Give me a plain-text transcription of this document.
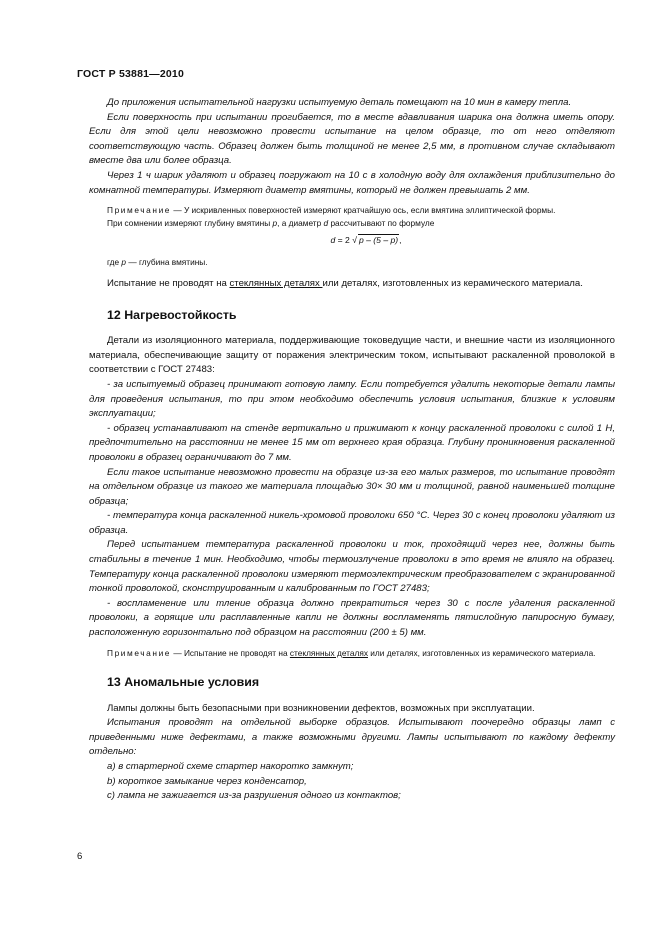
ГОСТ Р 53881—2010

До приложения испытательной нагрузки испытуемую деталь помещают на 10 мин в камеру тепла.

Если поверхность при испытании прогибается, то в месте вдавливания шарика она должна иметь опору. Если для этой цели невозможно провести испытание на целом образце, то от него отделяют соответствующую часть. Образец должен быть толщиной не менее 2,5 мм, в противном случае складывают вместе два или более образца.

Через 1 ч шарик удаляют и образец погружают на 10 с в холодную воду для охлаждения приблизительно до комнатной температуры. Измеряют диаметр вмятины, который не должен превышать 2 мм.

Примечание — У искривленных поверхностей измеряют кратчайшую ось, если вмятина эллиптической формы.

При сомнении измеряют глубину вмятины p, а диаметр d рассчитывают по формуле

d = 2 √ p – (5 – p),

где p — глубина вмятины.

Испытание не проводят на стеклянных деталях или деталях, изготовленных из керамического материала.

12 Нагревостойкость

Детали из изоляционного материала, поддерживающие токоведущие части, и внешние части из изоляционного материала, обеспечивающие защиту от поражения электрическим током, испытывают раскаленной проволокой в соответствии с ГОСТ 27483:

- за испытуемый образец принимают готовую лампу. Если потребуется удалить некоторые детали лампы для проведения испытания, то при этом необходимо обеспечить условия испытания, близкие к условиям эксплуатации;

- образец устанавливают на стенде вертикально и прижимают к концу раскаленной проволоки с силой 1 Н, предпочтительно на расстоянии не менее 15 мм от верхнего края образца. Глубину проникновения раскаленной проволоки в образец ограничивают до 7 мм.

Если такое испытание невозможно провести на образце из-за его малых размеров, то испытание проводят на отдельном образце из такого же материала площадью 30× 30 мм и толщиной, равной наименьшей толщине образца;

- температура конца раскаленной никель-хромовой проволоки 650 °С. Через 30 с конец проволоки удаляют из образца.

Перед испытанием температура раскаленной проволоки и ток, проходящий через нее, должны быть стабильны в течение 1 мин. Необходимо, чтобы термоизлучение проволоки в это время не влияло на образец. Температуру конца раскаленной проволоки измеряют термоэлектрическим преобразователем с экранированной тонкой проволокой, сконструированным и калиброванным по ГОСТ 27483;

- воспламенение или тление образца должно прекратиться через 30 с после удаления раскаленной проволоки, а горящие или расплавленные капли не должны воспламенять пятислойную папиросную бумагу, расположенную горизонтально под образцом на расстоянии (200 ± 5) мм.

Примечание — Испытание не проводят на стеклянных деталях или деталях, изготовленных из керамического материала.

13 Аномальные условия

Лампы должны быть безопасными при возникновении дефектов, возможных при эксплуатации.

Испытания проводят на отдельной выборке образцов. Испытывают поочередно образцы ламп с приведенными ниже дефектами, а также возможными другими. Лампы испытывают по каждому дефекту отдельно:

а) в стартерной схеме стартер накоротко замкнут;

b) короткое замыкание через конденсатор,

с) лампа не зажигается из-за разрушения одного из контактов;

6
